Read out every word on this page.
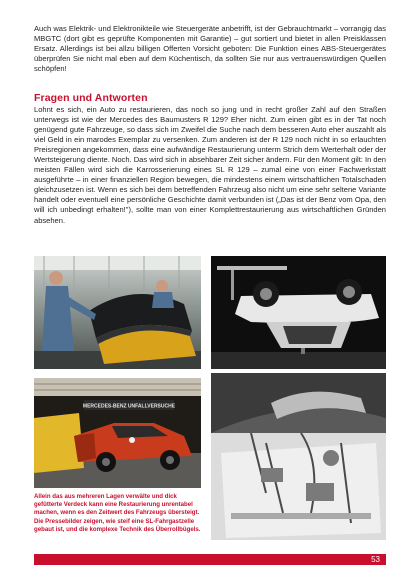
Auch was Elektrik- und Elektronikteile wie Steuergeräte anbetrifft, ist der Gebrauchtmarkt – vorrangig das MBGTC (dort gibt es geprüfte Komponenten mit Garantie) – gut sortiert und bietet in allen Preisklassen Ersatz. Allerdings ist bei allzu billigen Offerten Vorsicht geboten: Die Funktion eines ABS-Steuergerätes überprüfen Sie nicht mal eben auf dem Küchentisch, da sollten Sie nur aus vertrauenswürdigen Quellen schöpfen!

Fragen und Antworten

Lohnt es sich, ein Auto zu restaurieren, das noch so jung und in recht großer Zahl auf den Straßen unterwegs ist wie der Mercedes des Baumusters R 129? Eher nicht. Zum einen gibt es in der Tat noch genügend gute Fahrzeuge, so dass sich im Zweifel die Suche nach dem besseren Auto eher auszahlt als viel Geld in ein marodes Exemplar zu versenken. Zum anderen ist der R 129 noch nicht in so erlauchten Preisregionen angekommen, dass eine aufwändige Restaurierung unterm Strich dem Werterhalt oder der Wertsteigerung diente. Noch. Das wird sich in absehbarer Zeit sicher ändern. Für den Moment gilt: In den meisten Fällen wird sich die Karrosserierung eines SL R 129 – zumal eine von einer Fachwerkstatt ausgeführte – in einer finanziellen Region bewegen, die mindestens einem wirtschaftlichen Totalschaden gleichzusetzen ist. Wenn es sich bei dem betreffenden Fahrzeug also nicht um eine sehr seltene Variante handelt oder eventuell eine persönliche Geschichte damit verbunden ist („Das ist der Benz vom Opa, den will ich unbedingt erhalten!"), sollte man von einer Komplettrestaurierung aus wirtschaftlichen Gründen absehen.

MERCEDES-BENZ UNFALLVERSUCHE

Allein das aus mehreren Lagen verwälte und dick gefütterte Verdeck kann eine Restaurierung unrentabel machen, wenn es den Zeitwert des Fahrzeugs übersteigt. Die Pressebilder zeigen, wie steif eine SL-Fahrgastzelle gebaut ist, und die komplexe Technik des Überrollbügels.

53
